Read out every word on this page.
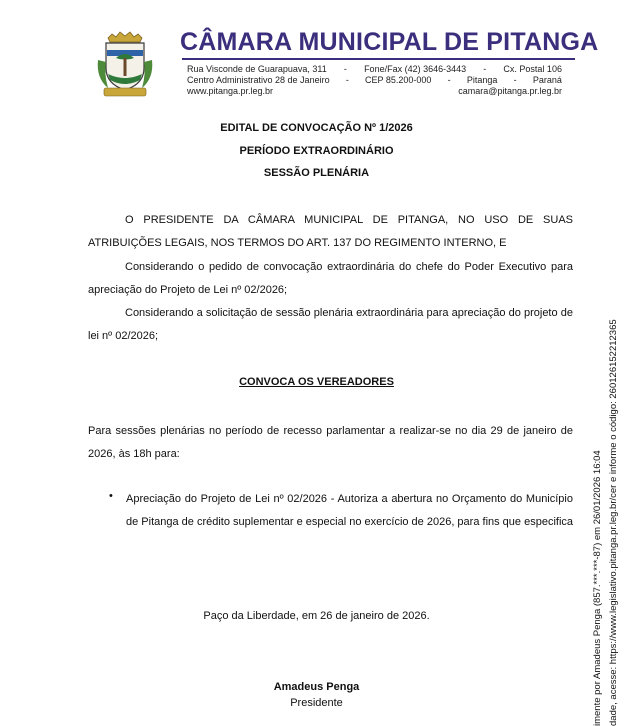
CÂMARA MUNICIPAL DE PITANGA
Rua Visconde de Guarapuava, 311 - Fone/Fax (42) 3646-3443 - Cx. Postal 106
Centro Administrativo 28 de Janeiro - CEP 85.200-000 - Pitanga - Paraná
www.pitanga.pr.leg.br	camara@pitanga.pr.leg.br
EDITAL DE CONVOCAÇÃO Nº 1/2026
PERÍODO EXTRAORDINÁRIO
SESSÃO PLENÁRIA
O PRESIDENTE DA CÂMARA MUNICIPAL DE PITANGA, NO USO DE SUAS ATRIBUIÇÕES LEGAIS, NOS TERMOS DO ART. 137 DO REGIMENTO INTERNO, E
Considerando o pedido de convocação extraordinária do chefe do Poder Executivo para apreciação do Projeto de Lei nº 02/2026;
Considerando a solicitação de sessão plenária extraordinária para apreciação do projeto de lei nº 02/2026;
CONVOCA OS VEREADORES
Para sessões plenárias no período de recesso parlamentar a realizar-se no dia 29 de janeiro de 2026, às 18h para:
• Apreciação do Projeto de Lei nº 02/2026 - Autoriza a abertura no Orçamento do Município de Pitanga de crédito suplementar e especial no exercício de 2026, para fins que especifica
Paço da Liberdade, em 26 de janeiro de 2026.
Amadeus Penga
Presidente	imente por Amadeus Penga (857.***.***-87) em 26/01/2026 16:04 dade, acesse: https://www.legislativo.pitanga.pr.leg.br/cer e informe o código: 260126152212365
